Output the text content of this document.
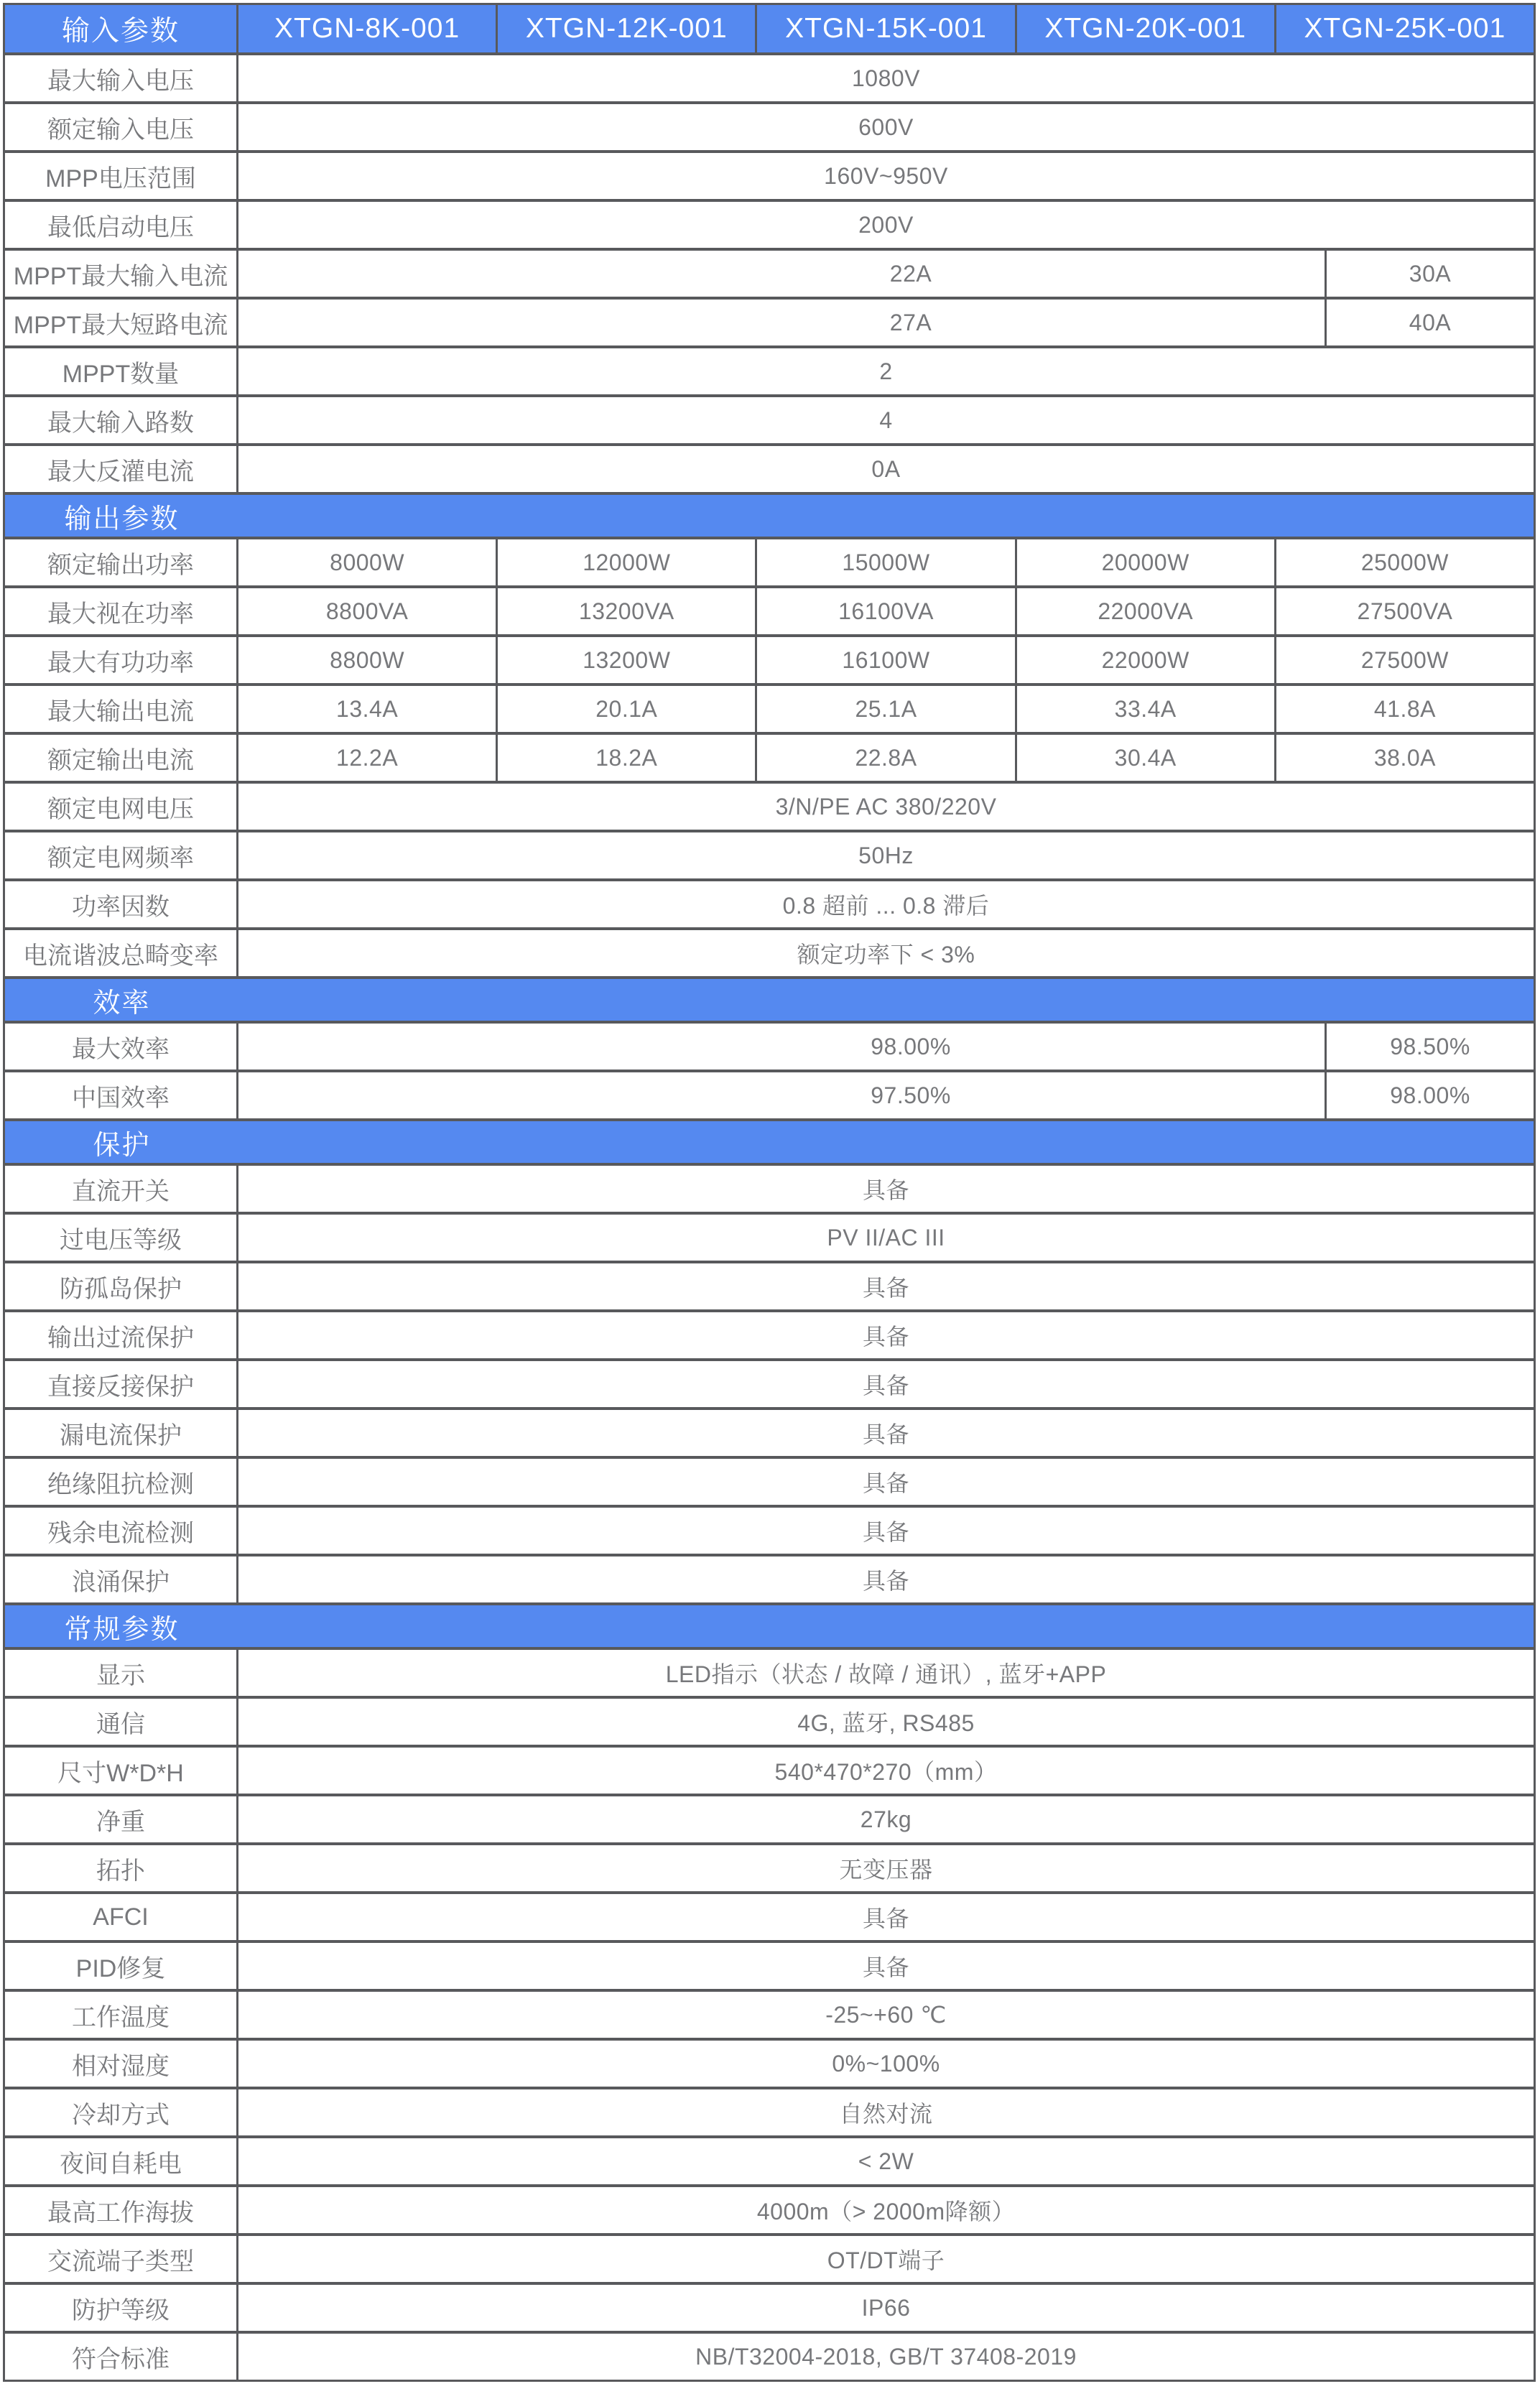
输入参数	XTGN-8K-001	XTGN-12K-001	XTGN-15K-001	XTGN-20K-001	XTGN-25K-001
最大输入电压	1080V
额定输入电压	600V
MPP电压范围	160V~950V
最低启动电压	200V
MPPT最大输入电流	22A	30A
MPPT最大短路电流	27A	40A
MPPT数量	2
最大输入路数	4
最大反灌电流	0A
输出参数
额定输出功率	8000W	12000W	15000W	20000W	25000W
最大视在功率	8800VA	13200VA	16100VA	22000VA	27500VA
最大有功功率	8800W	13200W	16100W	22000W	27500W
最大输出电流	13.4A	20.1A	25.1A	33.4A	41.8A
额定输出电流	12.2A	18.2A	22.8A	30.4A	38.0A
额定电网电压	3/N/PE AC 380/220V
额定电网频率	50Hz
功率因数	0.8 超前 ... 0.8 滞后
电流谐波总畸变率	额定功率下 < 3%
效率
最大效率	98.00%	98.50%
中国效率	97.50%	98.00%
保护
直流开关	具备
过电压等级	PV II/AC III
防孤岛保护	具备
输出过流保护	具备
直接反接保护	具备
漏电流保护	具备
绝缘阻抗检测	具备
残余电流检测	具备
浪涌保护	具备
常规参数
显示	LED指示（状态 / 故障 / 通讯）, 蓝牙+APP
通信	4G, 蓝牙, RS485
尺寸W*D*H	540*470*270（mm）
净重	27kg
拓扑	无变压器
AFCI	具备
PID修复	具备
工作温度	-25~+60 ℃
相对湿度	0%~100%
冷却方式	自然对流
夜间自耗电	< 2W
最高工作海拔	4000m（> 2000m降额）
交流端子类型	OT/DT端子
防护等级	IP66
符合标准	NB/T32004-2018, GB/T 37408-2019
